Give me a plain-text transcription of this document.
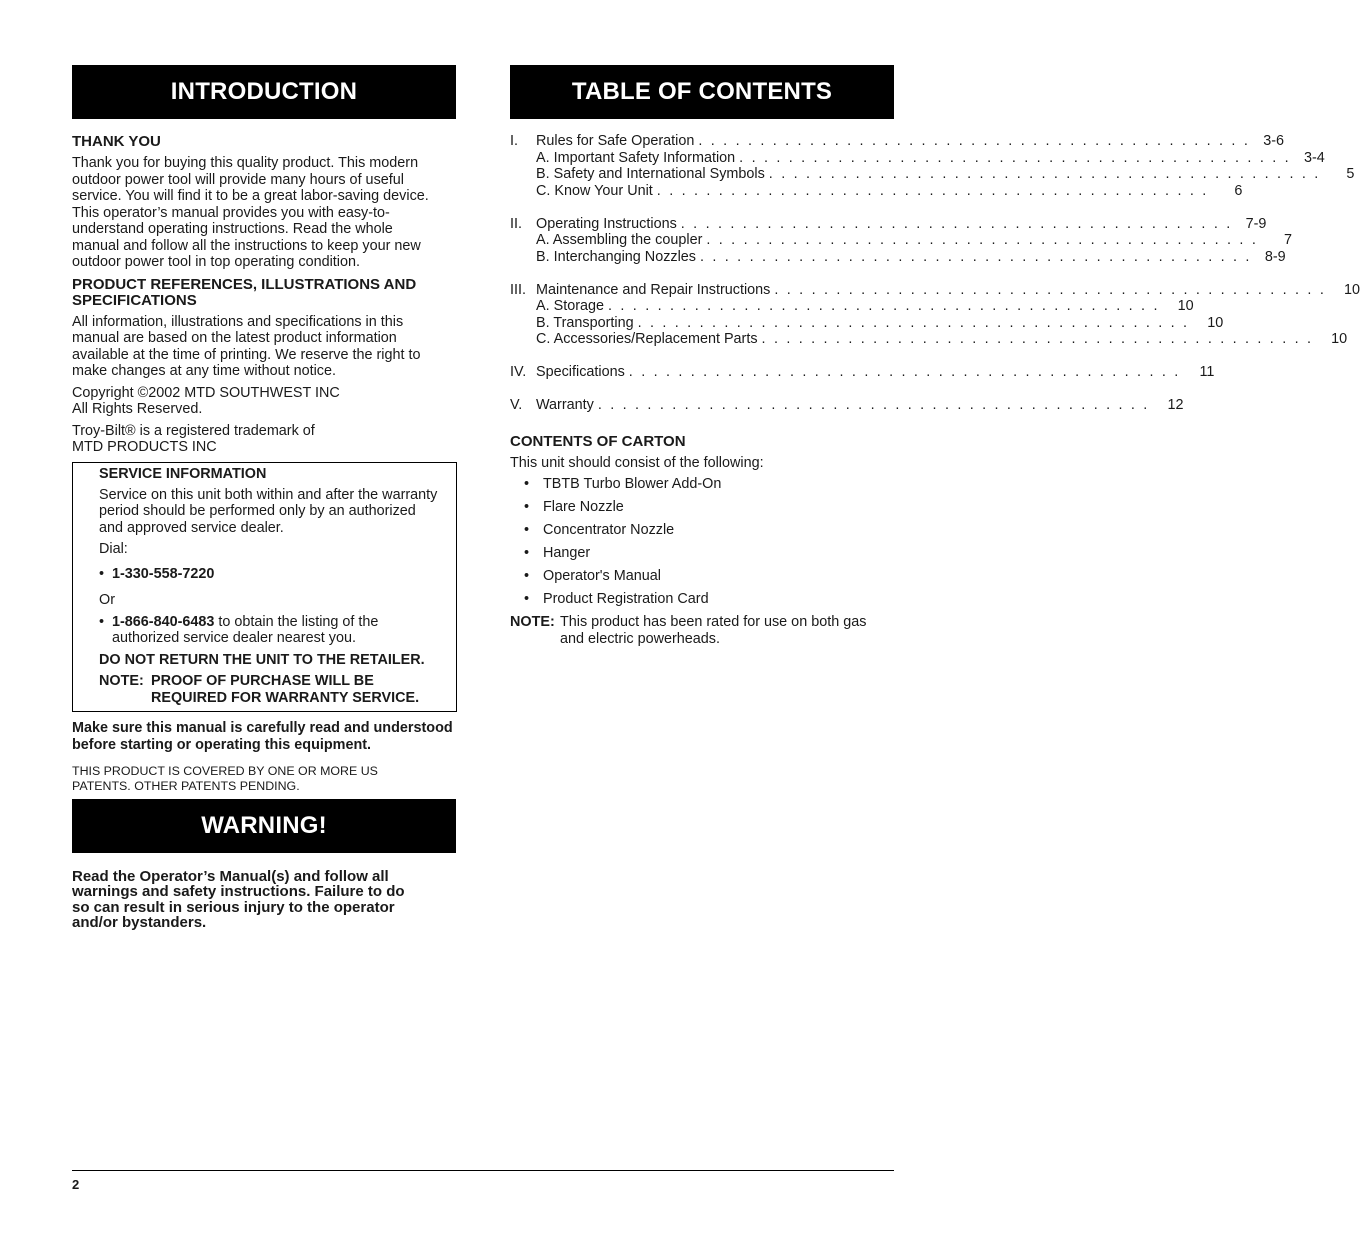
INTRODUCTION
THANK YOU

Thank you for buying this quality product. This modern

outdoor power tool will provide many hours of useful

service. You will find it to be a great labor-saving device.

This operator’s manual provides you with easy-to-

understand operating instructions. Read the whole

manual and follow all the instructions to keep your new

outdoor power tool in top operating condition.

PRODUCT REFERENCES, ILLUSTRATIONS AND
SPECIFICATIONS

All information, illustrations and specifications in this

manual are based on the latest product information

available at the time of printing. We reserve the right to

make changes at any time without notice.

Copyright ©2002 MTD SOUTHWEST INC

All Rights Reserved.

Troy-Bilt® is a registered trademark of

MTD PRODUCTS INC

SERVICE INFORMATION

Service on this unit both within and after the warranty

period should be performed only by an authorized

and approved service dealer.

Dial:

• 1-330-558-7220

Or

• 1-866-840-6483 to obtain the listing of the
authorized service dealer nearest you.

DO NOT RETURN THE UNIT TO THE RETAILER.

NOTE: PROOF OF PURCHASE WILL BE
REQUIRED FOR WARRANTY SERVICE.

Make sure this manual is carefully read and understood

before starting or operating this equipment.

THIS PRODUCT IS COVERED BY ONE OR MORE US

PATENTS. OTHER PATENTS PENDING.

WARNING!

Read the Operator’s Manual(s) and follow all

warnings and safety instructions. Failure to do

so can result in serious injury to the operator

and/or bystanders.

TABLE OF CONTENTS
I.	Rules for Safe Operation . . . . . . . . . . . . . . . . . . . . . . . . . . . . . . . . . . . . . . . . . . . . . 3-6
A. Important Safety Information . . . . . . . . . . . . . . . . . . . . . . . . . . . . . . . . . . . . . . . . . . . . . 3-4
B. Safety and International Symbols . . . . . . . . . . . . . . . . . . . . . . . . . . . . . . . . . . . . . . . . . . . . .	5
C. Know Your Unit . . . . . . . . . . . . . . . . . . . . . . . . . . . . . . . . . . . . . . . . . . . . .	6
II. Operating Instructions . . . . . . . . . . . . . . . . . . . . . . . . . . . . . . . . . . . . . . . . . . . . . 7-9
A. Assembling the coupler . . . . . . . . . . . . . . . . . . . . . . . . . . . . . . . . . . . . . . . . . . . . .	7
B. Interchanging Nozzles . . . . . . . . . . . . . . . . . . . . . . . . . . . . . . . . . . . . . . . . . . . . . 8-9
III. Maintenance and Repair Instructions . . . . . . . . . . . . . . . . . . . . . . . . . . . . . . . . . . . . . . . . . . . . .	10
A. Storage . . . . . . . . . . . . . . . . . . . . . . . . . . . . . . . . . . . . . . . . . . . . .	10
B. Transporting . . . . . . . . . . . . . . . . . . . . . . . . . . . . . . . . . . . . . . . . . . . . .	10
C. Accessories/Replacement Parts . . . . . . . . . . . . . . . . . . . . . . . . . . . . . . . . . . . . . . . . . . . . .	10
IV. Specifications . . . . . . . . . . . . . . . . . . . . . . . . . . . . . . . . . . . . . . . . . . . . .	11
V. Warranty . . . . . . . . . . . . . . . . . . . . . . . . . . . . . . . . . . . . . . . . . . . . .	12
CONTENTS OF CARTON

This unit should consist of the following:

• TBTB Turbo Blower Add-On
• Flare Nozzle
• Concentrator Nozzle
• Hanger
• Operator's Manual
• Product Registration Card
NOTE: This product has been rated for use on both gas
and electric powerheads.
2
